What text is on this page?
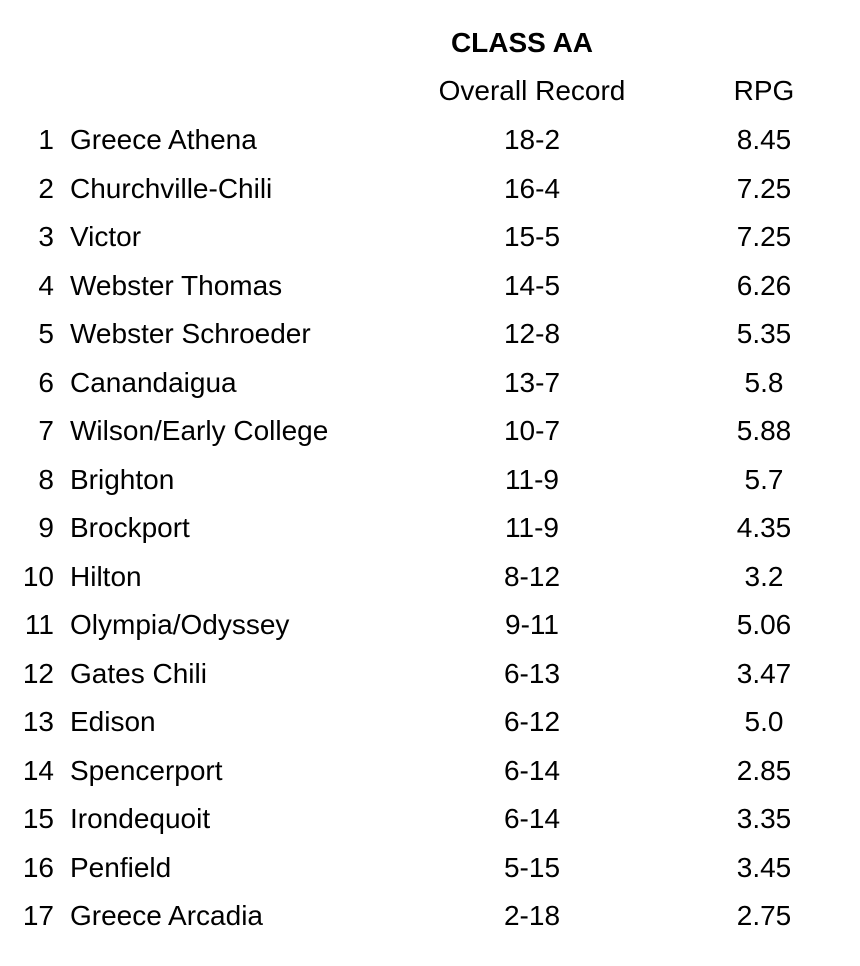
CLASS AA
Overall Record	RPG
1 Greece Athena	18-2	8.45
2 Churchville-Chili	16-4	7.25
3 Victor	15-5	7.25
4 Webster Thomas	14-5	6.26
5 Webster Schroeder	12-8	5.35
6 Canandaigua	13-7	5.8
7 Wilson/Early College	10-7	5.88
8 Brighton	11-9	5.7
9 Brockport	11-9	4.35
10 Hilton	8-12	3.2
11 Olympia/Odyssey	9-11	5.06
12 Gates Chili	6-13	3.47
13 Edison	6-12	5.0
14 Spencerport	6-14	2.85
15 Irondequoit	6-14	3.35
16 Penfield	5-15	3.45
17 Greece Arcadia	2-18	2.75
